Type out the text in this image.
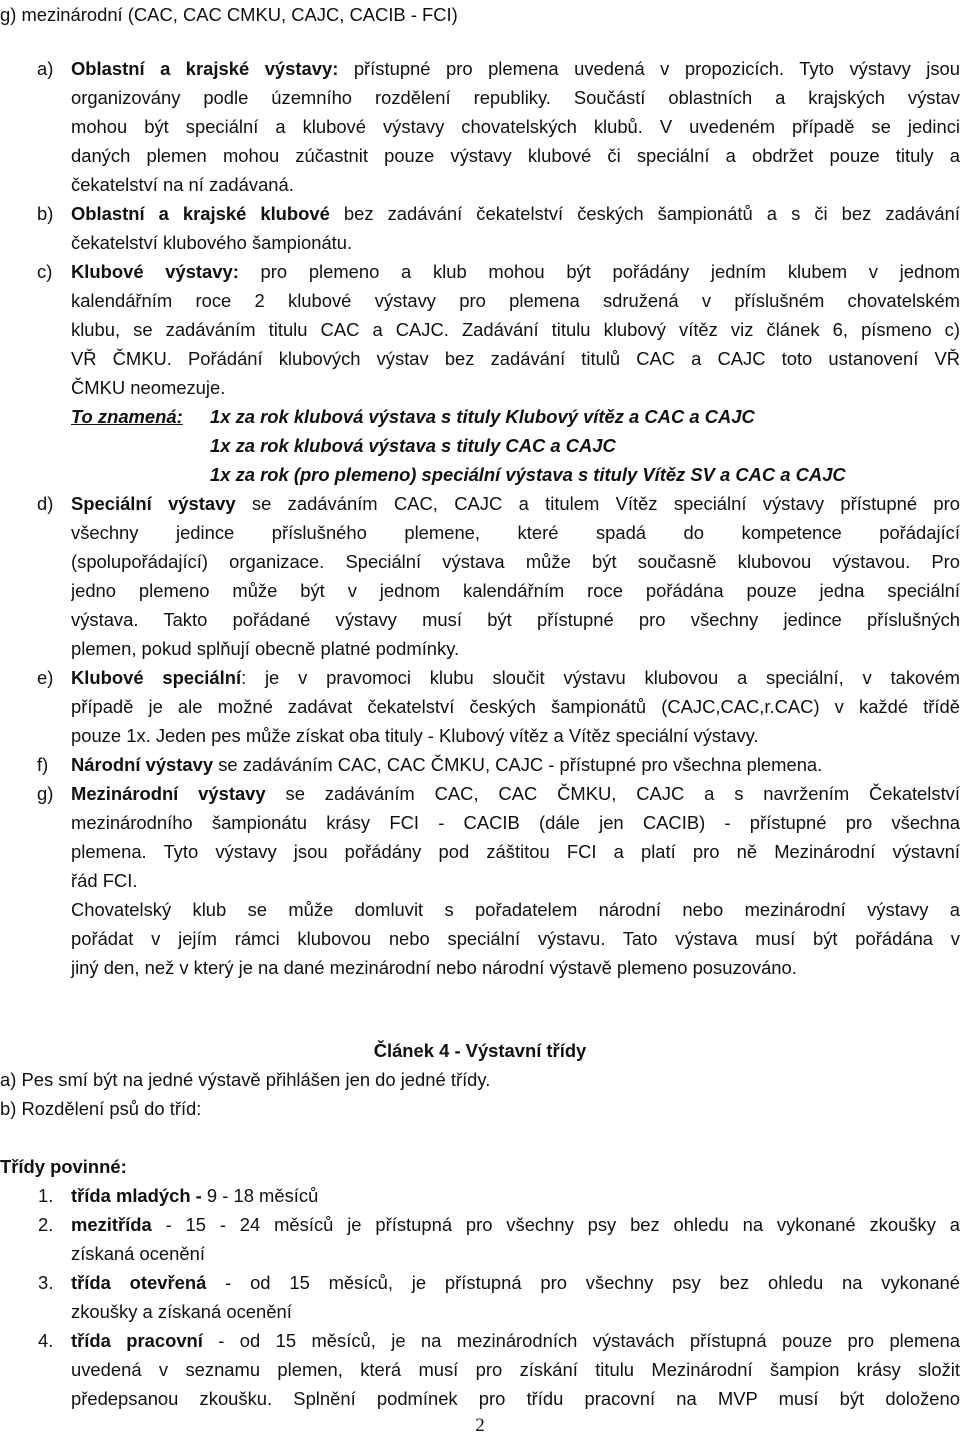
g) mezinárodní (CAC, CAC CMKU, CAJC, CACIB - FCI)
a) Oblastní a krajské výstavy: přístupné pro plemena uvedená v propozicích. Tyto výstavy jsou
organizovány podle územního rozdělení republiky. Součástí oblastních a krajských výstav
mohou být speciální a klubové výstavy chovatelských klubů. V uvedeném případě se jedinci
daných plemen mohou zúčastnit pouze výstavy klubové či speciální a obdržet pouze tituly a
čekatelství na ní zadávaná.
b) Oblastní a krajské klubové bez zadávání čekatelství českých šampionátů a s či bez zadávání
čekatelství klubového šampionátu.
c) Klubové výstavy: pro plemeno a klub mohou být pořádány jedním klubem v jednom
kalendářním roce 2 klubové výstavy pro plemena sdružená v příslušném chovatelském
klubu, se zadáváním titulu CAC a CAJC. Zadávání titulu klubový vítěz viz článek 6, písmeno c)
VŘ ČMKU. Pořádání klubových výstav bez zadávání titulů CAC a CAJC toto ustanovení VŘ
ČMKU neomezuje.
To znamená:	1x za rok klubová výstava s tituly Klubový vítěz a CAC a CAJC
1x za rok klubová výstava s tituly CAC a CAJC
1x za rok (pro plemeno) speciální výstava s tituly Vítěz SV a CAC a CAJC
d) Speciální výstavy se zadáváním CAC, CAJC a titulem Vítěz speciální výstavy přístupné pro
všechny jedince příslušného plemene, které spadá do kompetence pořádající
(spolupořádající) organizace. Speciální výstava může být současně klubovou výstavou. Pro
jedno plemeno může být v jednom kalendářním roce pořádána pouze jedna speciální
výstava. Takto pořádané výstavy musí být přístupné pro všechny jedince příslušných
plemen, pokud splňují obecně platné podmínky.
e) Klubové speciální: je v pravomoci klubu sloučit výstavu klubovou a speciální, v takovém
případě je ale možné zadávat čekatelství českých šampionátů (CAJC,CAC,r.CAC) v každé třídě
pouze 1x. Jeden pes může získat oba tituly - Klubový vítěz a Vítěz speciální výstavy.
f) Národní výstavy se zadáváním CAC, CAC ČMKU, CAJC - přístupné pro všechna plemena.
g) Mezinárodní výstavy se zadáváním CAC, CAC ČMKU, CAJC a s navržením Čekatelství
mezinárodního šampionátu krásy FCI - CACIB (dále jen CACIB) - přístupné pro všechna
plemena. Tyto výstavy jsou pořádány pod záštitou FCI a platí pro ně Mezinárodní výstavní
řád FCI.
Chovatelský klub se může domluvit s pořadatelem národní nebo mezinárodní výstavy a
pořádat v jejím rámci klubovou nebo speciální výstavu. Tato výstava musí být pořádána v
jiný den, než v který je na dané mezinárodní nebo národní výstavě plemeno posuzováno.
Článek 4 - Výstavní třídy
a) Pes smí být na jedné výstavě přihlášen jen do jedné třídy.
b) Rozdělení psů do tříd:
Třídy povinné:
1. třída mladých - 9 - 18 měsíců
2. mezitřída - 15 - 24 měsíců je přístupná pro všechny psy bez ohledu na vykonané zkoušky a
získaná ocenění
3. třída otevřená - od 15 měsíců, je přístupná pro všechny psy bez ohledu na vykonané
zkoušky a získaná ocenění
4. třída pracovní - od 15 měsíců, je na mezinárodních výstavách přístupná pouze pro plemena
uvedená v seznamu plemen, která musí pro získání titulu Mezinárodní šampion krásy složit
předepsanou zkoušku. Splnění podmínek pro třídu pracovní na MVP musí být doloženo
2
